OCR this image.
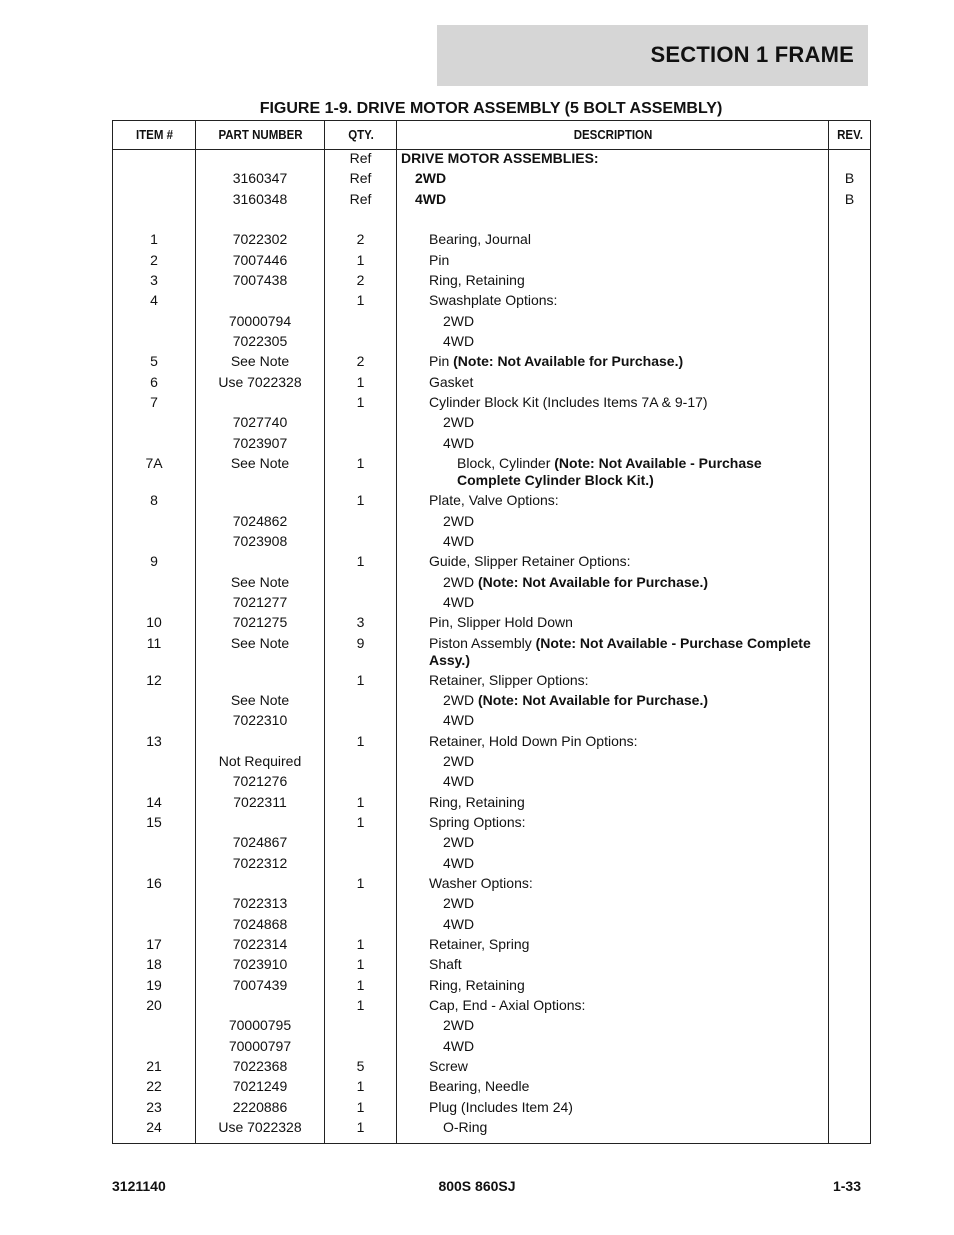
SECTION 1 FRAME
FIGURE 1-9. DRIVE MOTOR ASSEMBLY (5 BOLT ASSEMBLY)
ITEM #	PART NUMBER	QTY.	DESCRIPTION	REV.
		Ref	DRIVE MOTOR ASSEMBLIES:	
	3160347	Ref	2WD	B
	3160348	Ref	4WD	B

1	7022302	2	Bearing, Journal	
2	7007446	1	Pin	
3	7007438	2	Ring, Retaining	
4		1	Swashplate Options:	
	70000794		2WD	
	7022305		4WD	
5	See Note	2	Pin (Note: Not Available for Purchase.)	
6	Use 7022328	1	Gasket	
7		1	Cylinder Block Kit (Includes Items 7A & 9-17)	
	7027740		2WD	
	7023907		4WD	
7A	See Note	1	Block, Cylinder (Note: Not Available - Purchase Complete Cylinder Block Kit.)	
8		1	Plate, Valve Options:	
	7024862		2WD	
	7023908		4WD	
9		1	Guide, Slipper Retainer Options:	
	See Note		2WD (Note: Not Available for Purchase.)	
	7021277		4WD	
10	7021275	3	Pin, Slipper Hold Down	
11	See Note	9	Piston Assembly (Note: Not Available - Purchase Complete Assy.)	
12		1	Retainer, Slipper Options:	
	See Note		2WD (Note: Not Available for Purchase.)	
	7022310		4WD	
13		1	Retainer, Hold Down Pin Options:	
	Not Required		2WD	
	7021276		4WD	
14	7022311	1	Ring, Retaining	
15		1	Spring Options:	
	7024867		2WD	
	7022312		4WD	
16		1	Washer Options:	
	7022313		2WD	
	7024868		4WD	
17	7022314	1	Retainer, Spring	
18	7023910	1	Shaft	
19	7007439	1	Ring, Retaining	
20		1	Cap, End - Axial Options:	
	70000795		2WD	
	70000797		4WD	
21	7022368	5	Screw	
22	7021249	1	Bearing, Needle	
23	2220886	1	Plug (Includes Item 24)	
24	Use 7022328	1	O-Ring	
3121140	800S 860SJ	1-33
